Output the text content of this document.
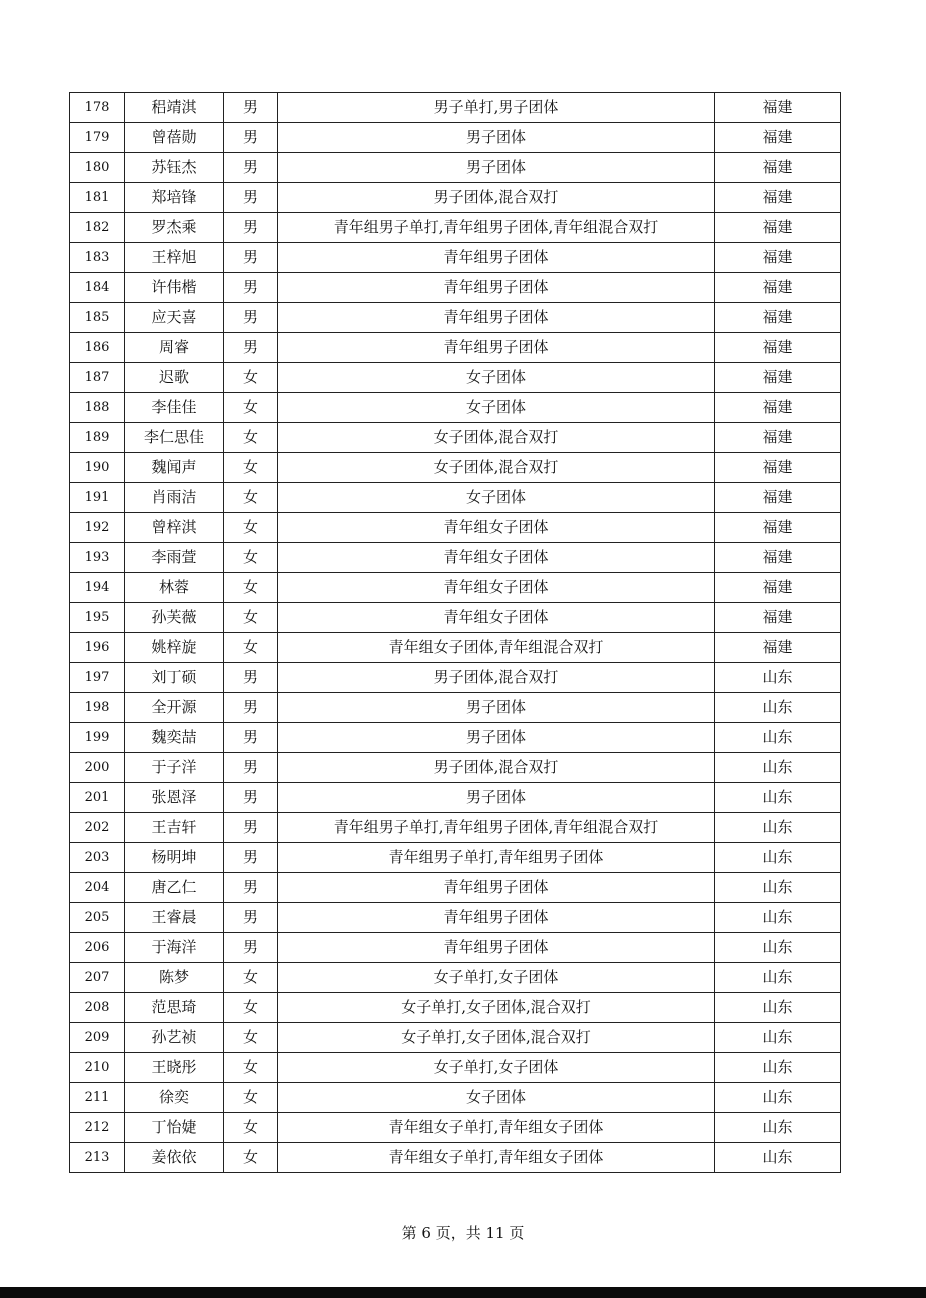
178	稆靖淇	男	男子单打,男子团体	福建
179	曾蓓勋	男	男子团体	福建
180	苏钰杰	男	男子团体	福建
181	郑培锋	男	男子团体,混合双打	福建
182	罗杰乘	男	青年组男子单打,青年组男子团体,青年组混合双打	福建
183	王梓旭	男	青年组男子团体	福建
184	许伟楷	男	青年组男子团体	福建
185	应天喜	男	青年组男子团体	福建
186	周睿	男	青年组男子团体	福建
187	迟歌	女	女子团体	福建
188	李佳佳	女	女子团体	福建
189	李仁思佳	女	女子团体,混合双打	福建
190	魏闻声	女	女子团体,混合双打	福建
191	肖雨洁	女	女子团体	福建
192	曾梓淇	女	青年组女子团体	福建
193	李雨萱	女	青年组女子团体	福建
194	林蓉	女	青年组女子团体	福建
195	孙芙薇	女	青年组女子团体	福建
196	姚梓旋	女	青年组女子团体,青年组混合双打	福建
197	刘丁硕	男	男子团体,混合双打	山东
198	全开源	男	男子团体	山东
199	魏奕喆	男	男子团体	山东
200	于子洋	男	男子团体,混合双打	山东
201	张恩泽	男	男子团体	山东
202	王吉轩	男	青年组男子单打,青年组男子团体,青年组混合双打	山东
203	杨明坤	男	青年组男子单打,青年组男子团体	山东
204	唐乙仁	男	青年组男子团体	山东
205	王睿晨	男	青年组男子团体	山东
206	于海洋	男	青年组男子团体	山东
207	陈梦	女	女子单打,女子团体	山东
208	范思琦	女	女子单打,女子团体,混合双打	山东
209	孙艺祯	女	女子单打,女子团体,混合双打	山东
210	王晓彤	女	女子单打,女子团体	山东
211	徐奕	女	女子团体	山东
212	丁怡婕	女	青年组女子单打,青年组女子团体	山东
213	姜依依	女	青年组女子单打,青年组女子团体	山东
第 6 页，共 11 页
